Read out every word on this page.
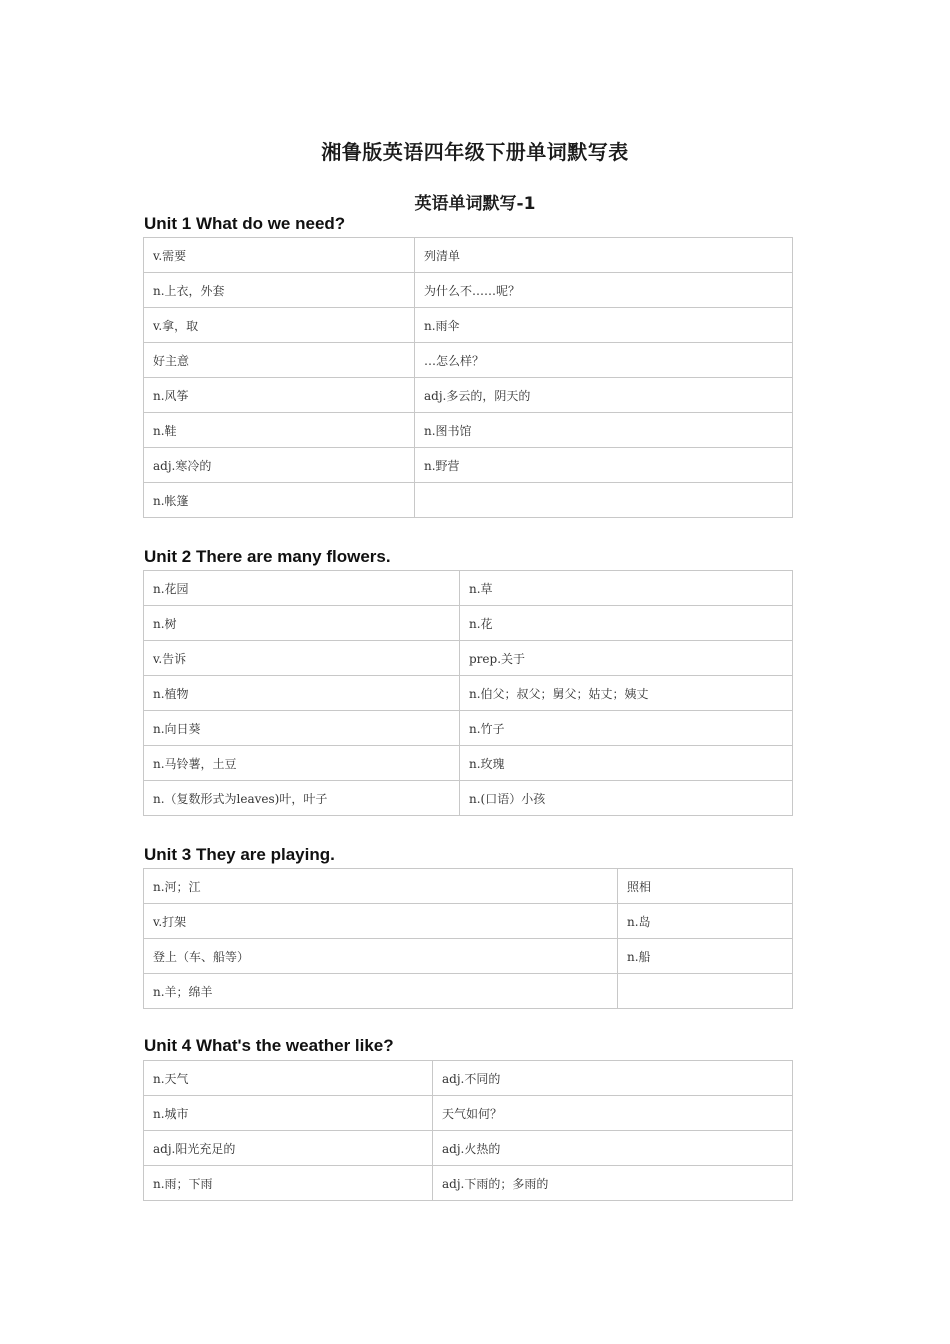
湘鲁版英语四年级下册单词默写表
英语单词默写-1
Unit 1 What do we need?
v.需要	列清单
n.上衣，外套	为什么不……呢？
v.拿，取	n.雨伞
好主意	…怎么样？
n.风筝	adj.多云的，阴天的
n.鞋	n.图书馆
adj.寒冷的	n.野营
n.帐篷	
Unit 2 There are many flowers.
n.花园	n.草
n.树	n.花
v.告诉	prep.关于
n.植物	n.伯父；叔父；舅父；姑丈；姨丈
n.向日葵	n.竹子
n.马铃薯，土豆	n.玫瑰
n.（复数形式为leaves)叶，叶子	n.(口语）小孩
Unit 3 They are playing.
n.河；江	照相
v.打架	n.岛
登上（车、船等）	n.船
n.羊；绵羊	
Unit 4 What's the weather like?
n.天气	adj.不同的
n.城市	天气如何？
adj.阳光充足的	adj.火热的
n.雨；下雨	adj.下雨的；多雨的
